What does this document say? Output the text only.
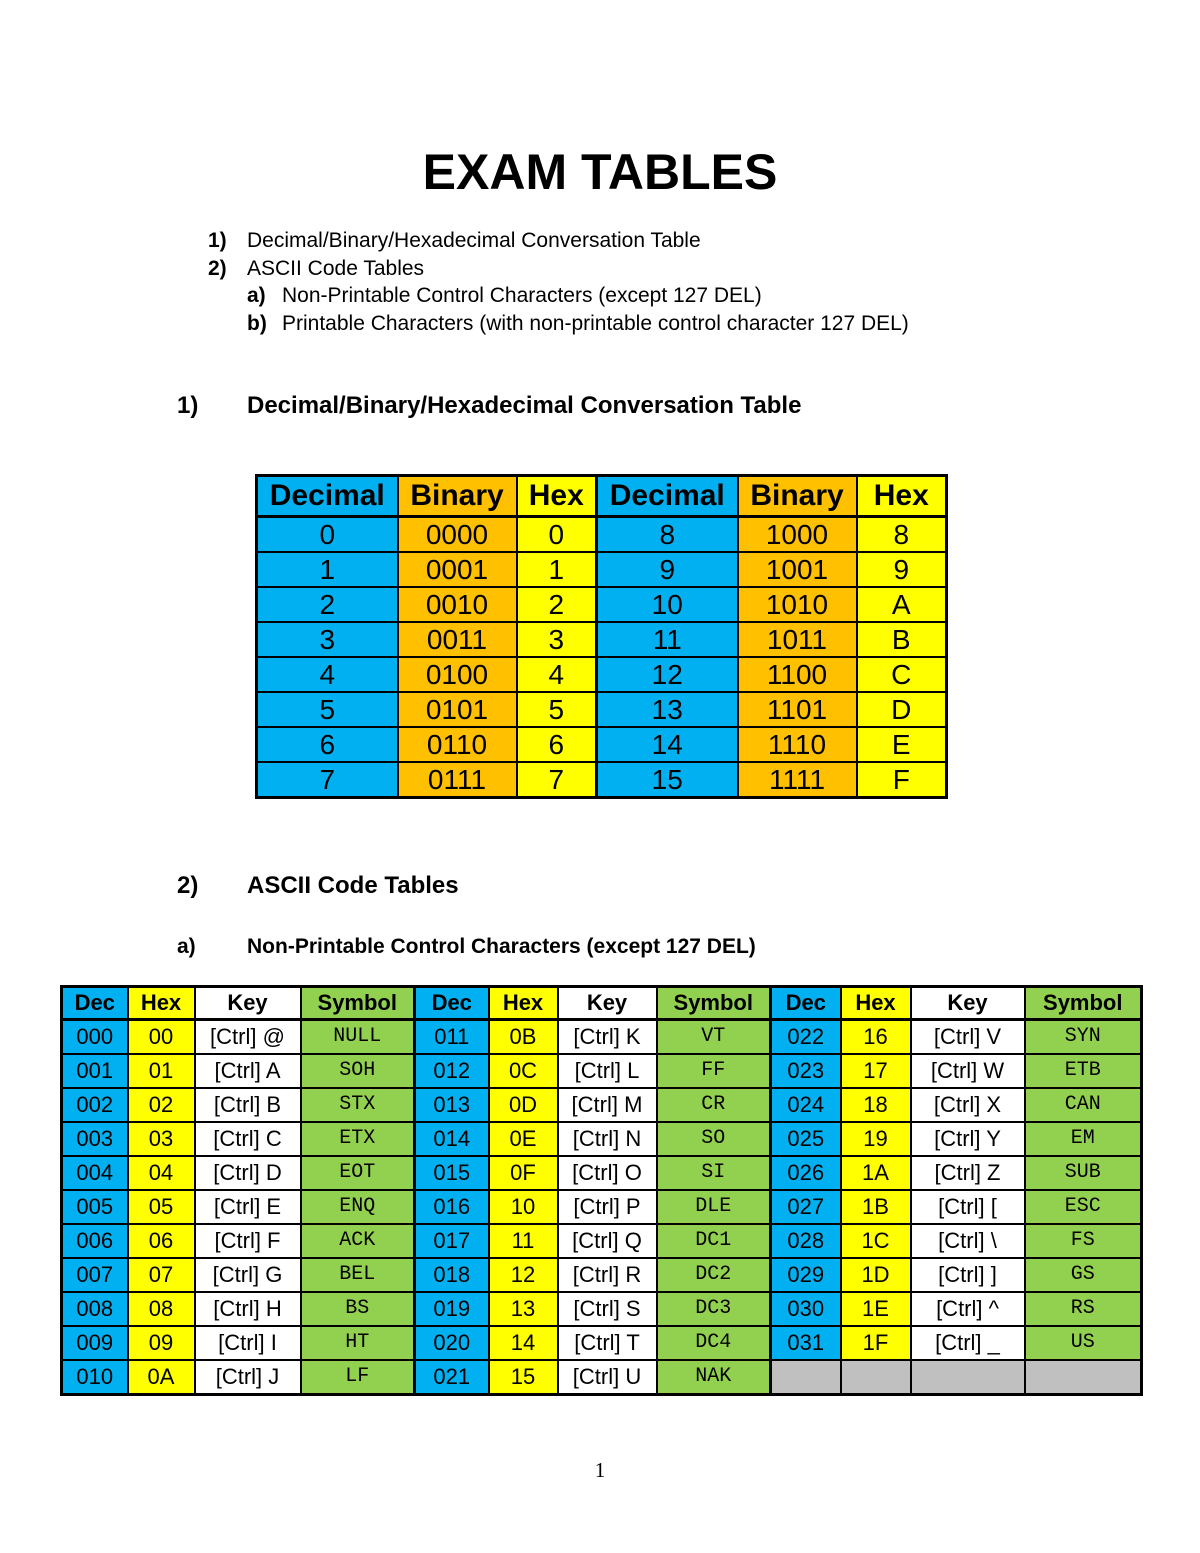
EXAM TABLES
1) Decimal/Binary/Hexadecimal Conversation Table
2) ASCII Code Tables
a) Non-Printable Control Characters (except 127 DEL)
b) Printable Characters (with non-printable control character 127 DEL)
1)	Decimal/Binary/Hexadecimal Conversation Table
Decimal	Binary	Hex	Decimal	Binary	Hex
0	0000	0	8	1000	8
1	0001	1	9	1001	9
2	0010	2	10	1010	A
3	0011	3	11	1011	B
4	0100	4	12	1100	C
5	0101	5	13	1101	D
6	0110	6	14	1110	E
7	0111	7	15	1111	F
2)	ASCII Code Tables
a)	Non-Printable Control Characters (except 127 DEL)
Dec	Hex	Key	Symbol	Dec	Hex	Key	Symbol	Dec	Hex	Key	Symbol
000	00	[Ctrl] @	NULL	011	0B	[Ctrl] K	VT	022	16	[Ctrl] V	SYN
001	01	[Ctrl] A	SOH	012	0C	[Ctrl] L	FF	023	17	[Ctrl] W	ETB
002	02	[Ctrl] B	STX	013	0D	[Ctrl] M	CR	024	18	[Ctrl] X	CAN
003	03	[Ctrl] C	ETX	014	0E	[Ctrl] N	SO	025	19	[Ctrl] Y	EM
004	04	[Ctrl] D	EOT	015	0F	[Ctrl] O	SI	026	1A	[Ctrl] Z	SUB
005	05	[Ctrl] E	ENQ	016	10	[Ctrl] P	DLE	027	1B	[Ctrl] [	ESC
006	06	[Ctrl] F	ACK	017	11	[Ctrl] Q	DC1	028	1C	[Ctrl] \	FS
007	07	[Ctrl] G	BEL	018	12	[Ctrl] R	DC2	029	1D	[Ctrl] ]	GS
008	08	[Ctrl] H	BS	019	13	[Ctrl] S	DC3	030	1E	[Ctrl] ^	RS
009	09	[Ctrl] I	HT	020	14	[Ctrl] T	DC4	031	1F	[Ctrl] _	US
010	0A	[Ctrl] J	LF	021	15	[Ctrl] U	NAK				
1
